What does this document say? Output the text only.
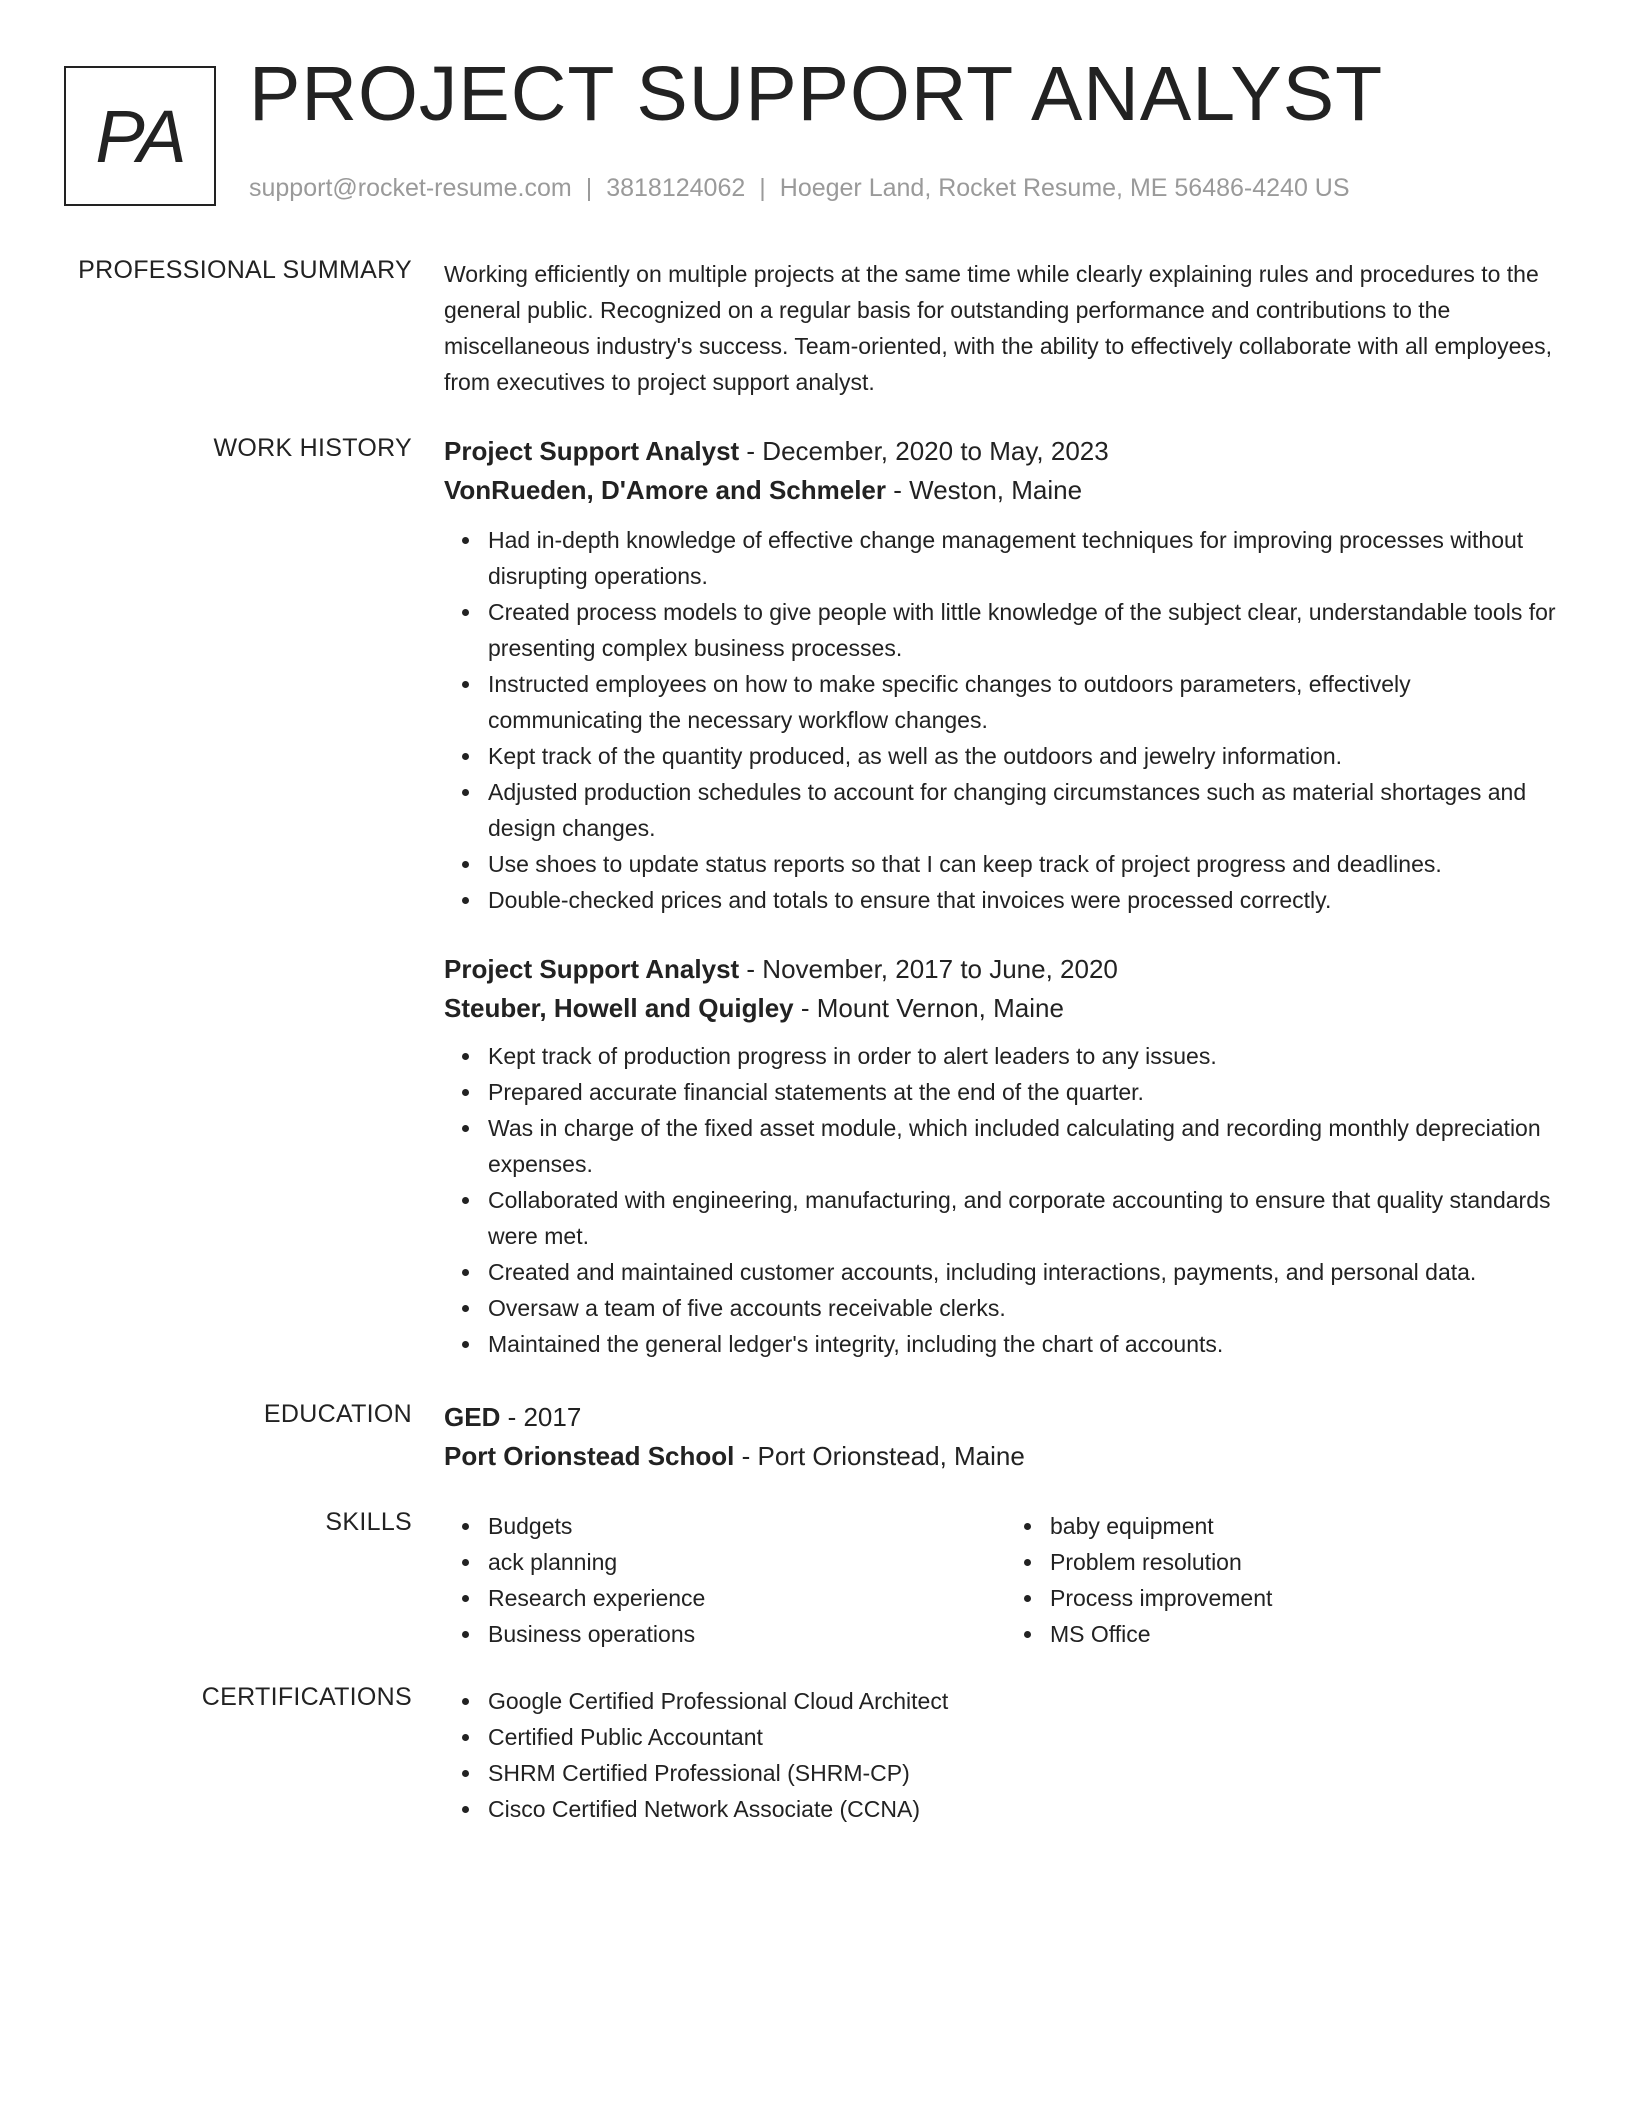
PA PROJECT SUPPORT ANALYST
support@rocket-resume.com | 3818124062 | Hoeger Land, Rocket Resume, ME 56486-4240 US
PROFESSIONAL SUMMARY Working efficiently on multiple projects at the same time while clearly explaining rules and procedures to the general public. Recognized on a regular basis for outstanding performance and contributions to the miscellaneous industry's success. Team-oriented, with the ability to effectively collaborate with all employees, from executives to project support analyst.

WORK HISTORY Project Support Analyst - December, 2020 to May, 2023
VonRueden, D'Amore and Schmeler - Weston, Maine
Had in-depth knowledge of effective change management techniques for improving processes without disrupting operations.
Created process models to give people with little knowledge of the subject clear, understandable tools for presenting complex business processes.
Instructed employees on how to make specific changes to outdoors parameters, effectively communicating the necessary workflow changes.
Kept track of the quantity produced, as well as the outdoors and jewelry information.
Adjusted production schedules to account for changing circumstances such as material shortages and design changes.
Use shoes to update status reports so that I can keep track of project progress and deadlines.
Double-checked prices and totals to ensure that invoices were processed correctly.
Project Support Analyst - November, 2017 to June, 2020
Steuber, Howell and Quigley - Mount Vernon, Maine
Kept track of production progress in order to alert leaders to any issues.
Prepared accurate financial statements at the end of the quarter.
Was in charge of the fixed asset module, which included calculating and recording monthly depreciation expenses.
Collaborated with engineering, manufacturing, and corporate accounting to ensure that quality standards were met.
Created and maintained customer accounts, including interactions, payments, and personal data.
Oversaw a team of five accounts receivable clerks.
Maintained the general ledger's integrity, including the chart of accounts.
EDUCATION GED - 2017
Port Orionstead School - Port Orionstead, Maine
SKILLS	Budgets
ack planning
Research experience
Business operations
baby equipment
Problem resolution
Process improvement
MS Office
CERTIFICATIONS	Google Certified Professional Cloud Architect
Certified Public Accountant
SHRM Certified Professional (SHRM-CP)
Cisco Certified Network Associate (CCNA)
